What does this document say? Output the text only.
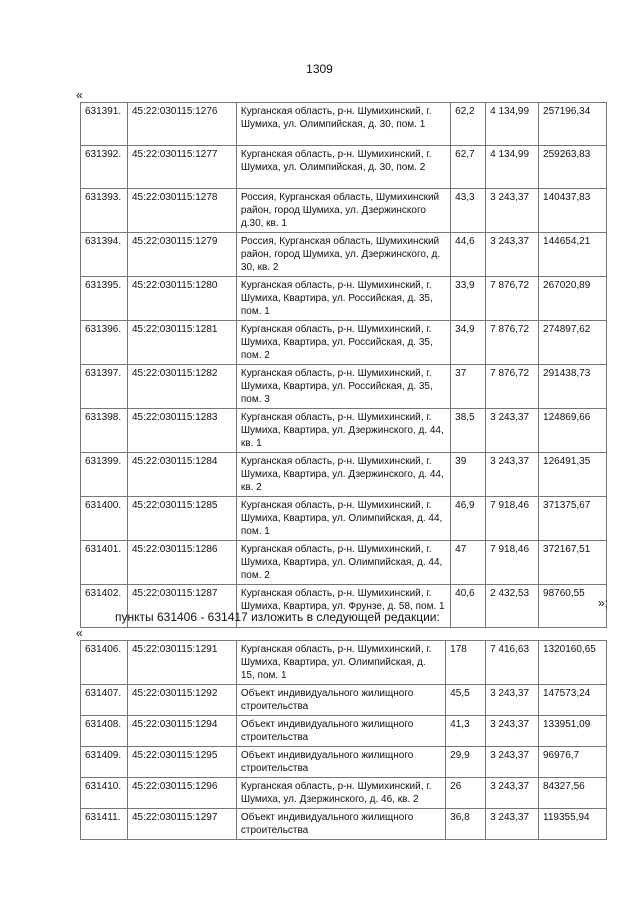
1309
«
631391.	45:22:030115:1276	Курганская область, р-н. Шумихинский, г. Шумиха, ул. Олимпийская, д. 30, пом. 1	62,2	4 134,99	257196,34
631392.	45:22:030115:1277	Курганская область, р-н. Шумихинский, г. Шумиха, ул. Олимпийская, д. 30, пом. 2	62,7	4 134,99	259263,83
631393.	45:22:030115:1278	Россия, Курганская область, Шумихинский район, город Шумиха, ул. Дзержинского д.30, кв. 1	43,3	3 243,37	140437,83
631394.	45:22:030115:1279	Россия, Курганская область, Шумихинский район, город Шумиха, ул. Дзержинского, д. 30, кв. 2	44,6	3 243,37	144654,21
631395.	45:22:030115:1280	Курганская область, р-н. Шумихинский, г. Шумиха, Квартира, ул. Российская, д. 35, пом. 1	33,9	7 876,72	267020,89
631396.	45:22:030115:1281	Курганская область, р-н. Шумихинский, г. Шумиха, Квартира, ул. Российская, д. 35, пом. 2	34,9	7 876,72	274897,62
631397.	45:22:030115:1282	Курганская область, р-н. Шумихинский, г. Шумиха, Квартира, ул. Российская, д. 35, пом. 3	37	7 876,72	291438,73
631398.	45:22:030115:1283	Курганская область, р-н. Шумихинский, г. Шумиха, Квартира, ул. Дзержинского, д. 44, кв. 1	38,5	3 243,37	124869,66
631399.	45:22:030115:1284	Курганская область, р-н. Шумихинский, г. Шумиха, Квартира, ул. Дзержинского, д. 44, кв. 2	39	3 243,37	126491,35
631400.	45:22:030115:1285	Курганская область, р-н. Шумихинский, г. Шумиха, Квартира, ул. Олимпийская, д. 44, пом. 1	46,9	7 918,46	371375,67
631401.	45:22:030115:1286	Курганская область, р-н. Шумихинский, г. Шумиха, Квартира, ул. Олимпийская, д. 44, пом. 2	47	7 918,46	372167,51
631402.	45:22:030115:1287	Курганская область, р-н. Шумихинский, г. Шумиха, Квартира, ул. Фрунзе, д. 58, пом. 1	40,6	2 432,53	98760,55
»;
пункты 631406 - 631417 изложить в следующей редакции:
«
631406.	45:22:030115:1291	Курганская область, р-н. Шумихинский, г. Шумиха, Квартира, ул. Олимпийская, д. 15, пом. 1	178	7 416,63	1320160,65
631407.	45:22:030115:1292	Объект индивидуального жилищного строительства	45,5	3 243,37	147573,24
631408.	45:22:030115:1294	Объект индивидуального жилищного строительства	41,3	3 243,37	133951,09
631409.	45:22:030115:1295	Объект индивидуального жилищного строительства	29,9	3 243,37	96976,7
631410.	45:22:030115:1296	Курганская область, р-н. Шумихинский, г. Шумиха, ул. Дзержинского, д. 46, кв. 2	26	3 243,37	84327,56
631411.	45:22:030115:1297	Объект индивидуального жилищного строительства	36,8	3 243,37	119355,94
